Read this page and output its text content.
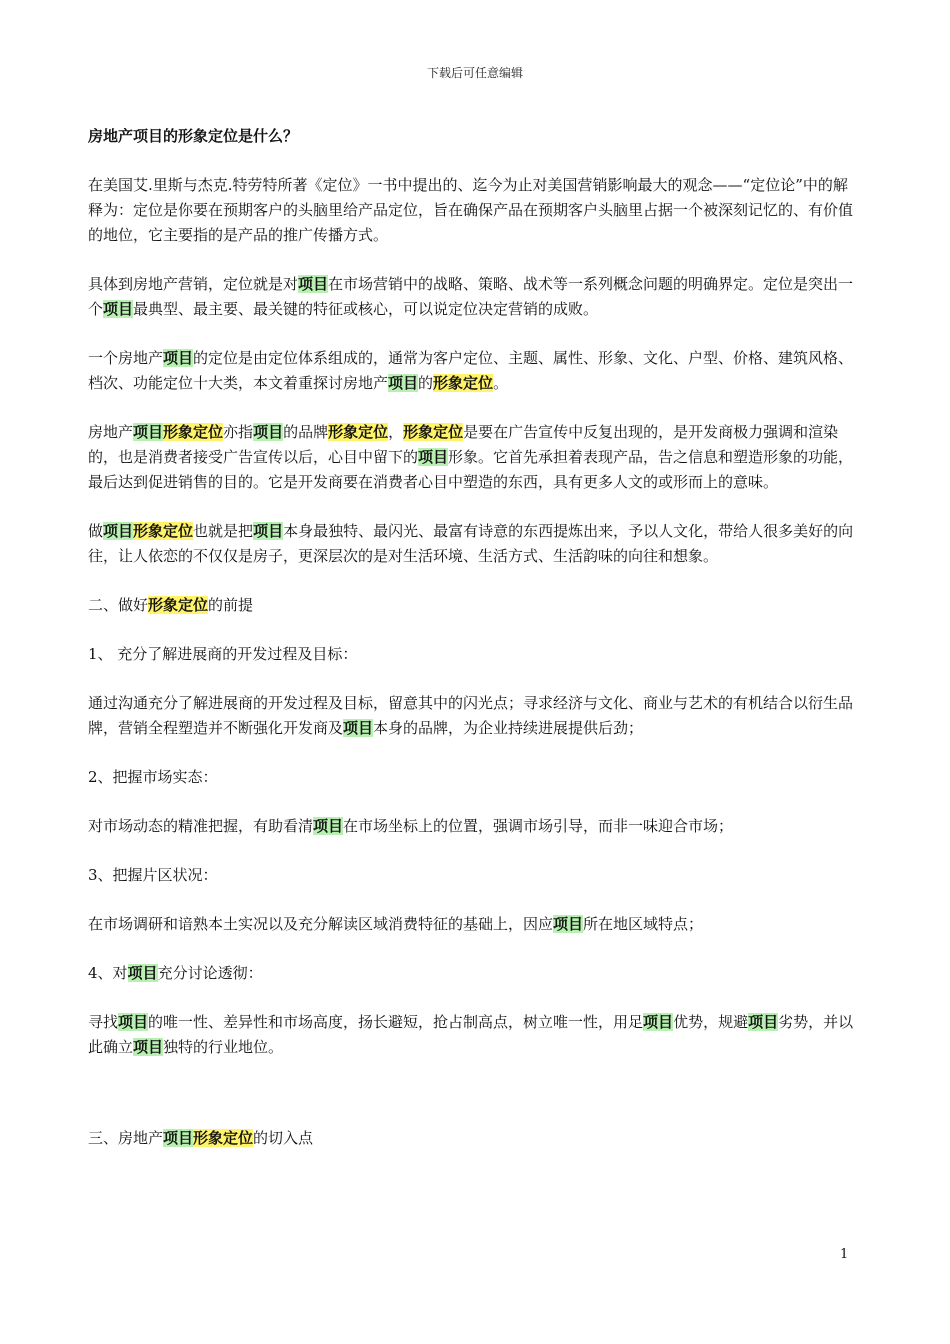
下载后可任意编辑
房地产项目的形象定位是什么？

在美国艾.里斯与杰克.特劳特所著《定位》一书中提出的、迄今为止对美国营销影响最大的观念——“定位论”中的解释为：定位是你要在预期客户的头脑里给产品定位，旨在确保产品在预期客户头脑里占据一个被深刻记忆的、有价值的地位，它主要指的是产品的推广传播方式。

具体到房地产营销，定位就是对项目在市场营销中的战略、策略、战术等一系列概念问题的明确界定。定位是突出一个项目最典型、最主要、最关键的特征或核心，可以说定位决定营销的成败。

一个房地产项目的定位是由定位体系组成的，通常为客户定位、主题、属性、形象、文化、户型、价格、建筑风格、档次、功能定位十大类，本文着重探讨房地产项目的形象定位。

房地产项目形象定位亦指项目的品牌形象定位，形象定位是要在广告宣传中反复出现的，是开发商极力强调和渲染的，也是消费者接受广告宣传以后，心目中留下的项目形象。它首先承担着表现产品，告之信息和塑造形象的功能，最后达到促进销售的目的。它是开发商要在消费者心目中塑造的东西，具有更多人文的或形而上的意味。

做项目形象定位也就是把项目本身最独特、最闪光、最富有诗意的东西提炼出来，予以人文化，带给人很多美好的向往，让人依恋的不仅仅是房子，更深层次的是对生活环境、生活方式、生活韵味的向往和想象。

二、做好形象定位的前提

1、 充分了解进展商的开发过程及目标：

通过沟通充分了解进展商的开发过程及目标，留意其中的闪光点；寻求经济与文化、商业与艺术的有机结合以衍生品牌，营销全程塑造并不断强化开发商及项目本身的品牌，为企业持续进展提供后劲；

2、把握市场实态：

对市场动态的精准把握，有助看清项目在市场坐标上的位置，强调市场引导，而非一味迎合市场；

3、把握片区状况：

在市场调研和谙熟本土实况以及充分解读区域消费特征的基础上，因应项目所在地区域特点；

4、对项目充分讨论透彻：

寻找项目的唯一性、差异性和市场高度，扬长避短，抢占制高点，树立唯一性，用足项目优势，规避项目劣势，并以此确立项目独特的行业地位。

三、房地产项目形象定位的切入点

1
